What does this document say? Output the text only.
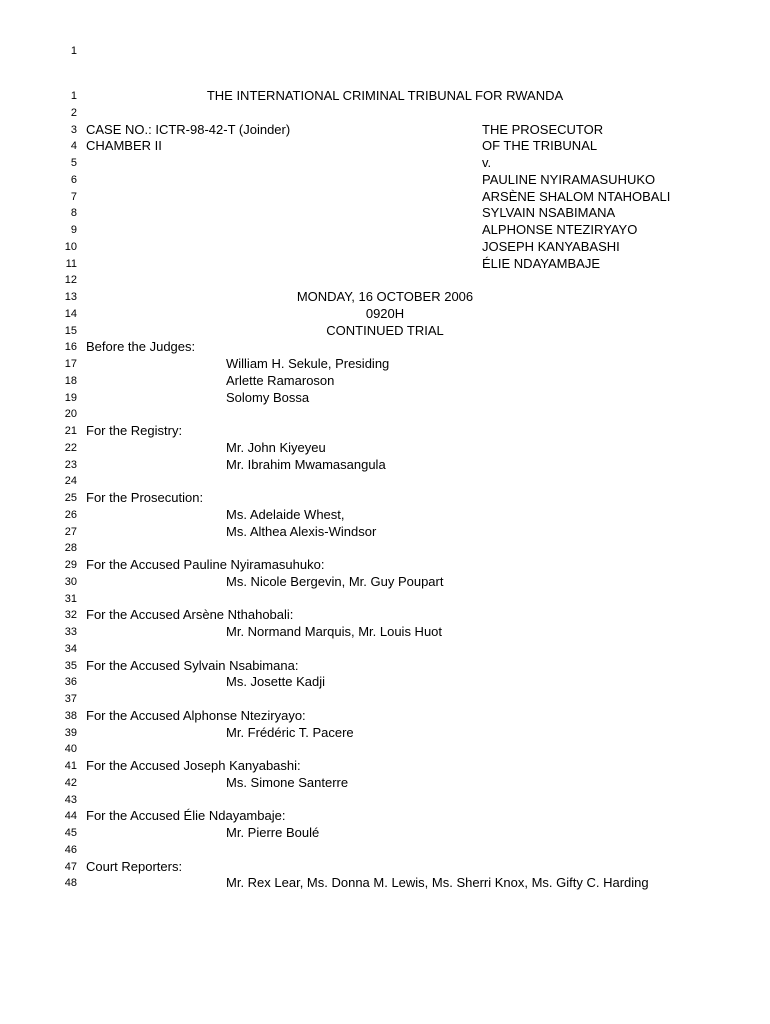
1
1	THE INTERNATIONAL CRIMINAL TRIBUNAL FOR RWANDA
2
3 CASE NO.: ICTR-98-42-T (Joinder)	THE PROSECUTOR
4 CHAMBER II	OF THE TRIBUNAL
5	v.
6	PAULINE NYIRAMASUHUKO
7	ARSÈNE SHALOM NTAHOBALI
8	SYLVAIN NSABIMANA
9	ALPHONSE NTEZIRYAYO
10	JOSEPH KANYABASHI
11	ÉLIE NDAYAMBAJE
12
13	MONDAY, 16 OCTOBER 2006
14	0920H
15	CONTINUED TRIAL
16 Before the Judges:
17	William H. Sekule, Presiding
18	Arlette Ramaroson
19	Solomy Bossa
20
21 For the Registry:
22	Mr. John Kiyeyeu
23	Mr. Ibrahim Mwamasangula
24
25 For the Prosecution:
26	Ms. Adelaide Whest,
27	Ms. Althea Alexis-Windsor
28
29 For the Accused Pauline Nyiramasuhuko:
30	Ms. Nicole Bergevin, Mr. Guy Poupart
31
32 For the Accused Arsène Nthahobali:
33	Mr. Normand Marquis, Mr. Louis Huot
34
35 For the Accused Sylvain Nsabimana:
36	Ms. Josette Kadji
37
38 For the Accused Alphonse Nteziryayo:
39	Mr. Frédéric T. Pacere
40
41 For the Accused Joseph Kanyabashi:
42	Ms. Simone Santerre
43
44 For the Accused Élie Ndayambaje:
45	Mr. Pierre Boulé
46
47 Court Reporters:
48	Mr. Rex Lear, Ms. Donna M. Lewis, Ms. Sherri Knox, Ms. Gifty C. Harding
